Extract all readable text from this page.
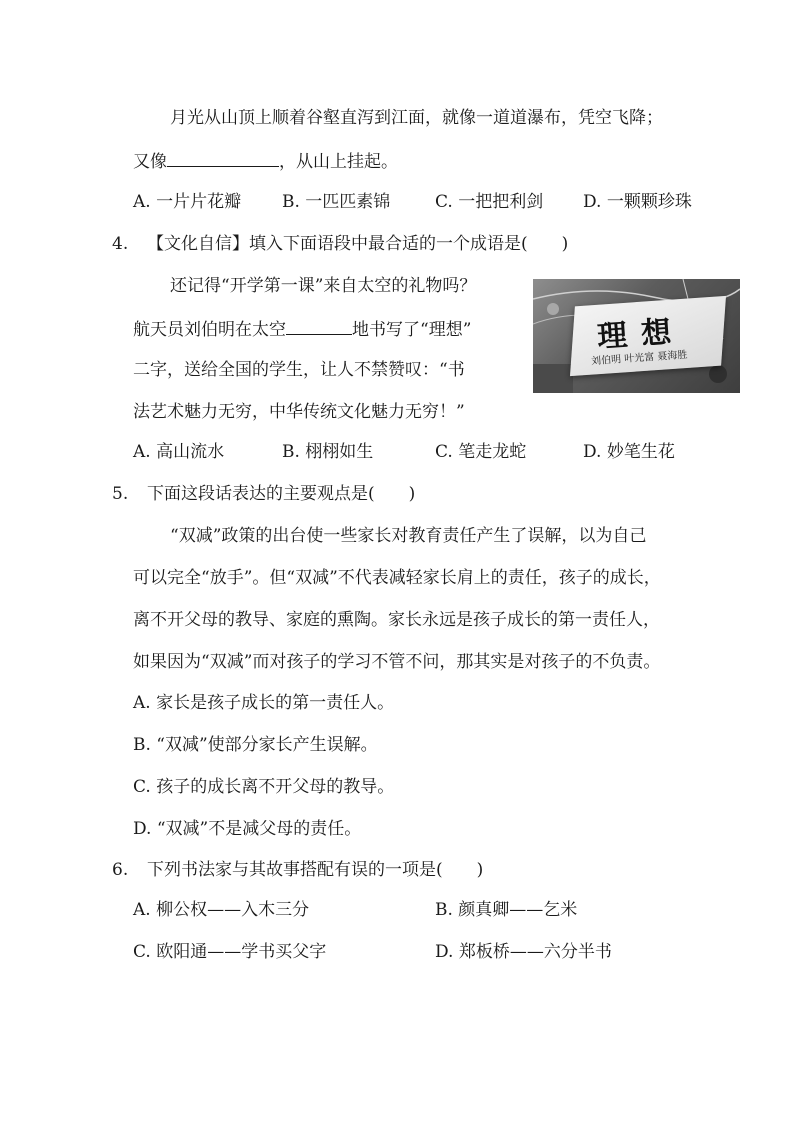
月光从山顶上顺着谷壑直泻到江面，就像一道道瀑布，凭空飞降；
又像	，从山上挂起。
A. 一片片花瓣 B. 一匹匹素锦	C. 一把把利剑 D. 一颗颗珍珠
4. 【文化自信】填入下面语段中最合适的一个成语是( )
还记得“开学第一课”来自太空的礼物吗？
航天员刘伯明在太空	地书写了“理想”
二字，送给全国的学生，让人不禁赞叹：“书
法艺术魅力无穷，中华传统文化魅力无穷！”
理想
刘伯明 叶光富 聂海胜
A. 高山流水	B. 栩栩如生	C. 笔走龙蛇	D. 妙笔生花
5. 下面这段话表达的主要观点是( )
“双减”政策的出台使一些家长对教育责任产生了误解，以为自己
可以完全“放手”。但“双减”不代表减轻家长肩上的责任，孩子的成长，
离不开父母的教导、家庭的熏陶。家长永远是孩子成长的第一责任人，
如果因为“双减”而对孩子的学习不管不问，那其实是对孩子的不负责。
A. 家长是孩子成长的第一责任人。
B. “双减”使部分家长产生误解。
C. 孩子的成长离不开父母的教导。
D. “双减”不是减父母的责任。
6. 下列书法家与其故事搭配有误的一项是( )
A. 柳公权——入木三分	B. 颜真卿——乞米
C. 欧阳通——学书买父字	D. 郑板桥——六分半书
